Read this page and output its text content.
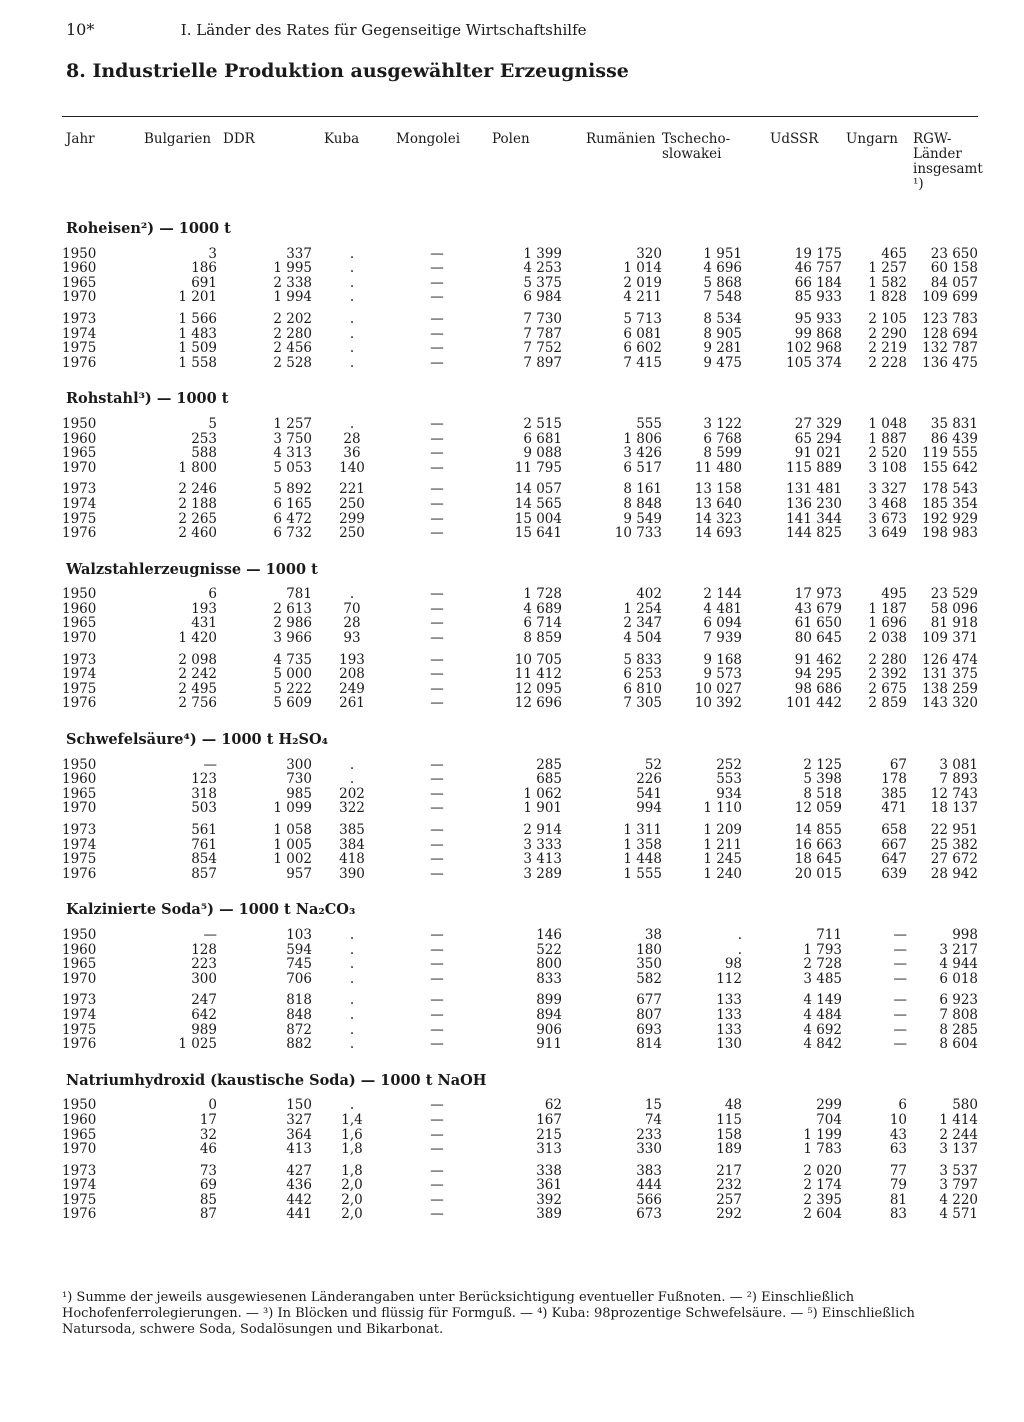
10*	I. Länder des Rates für Gegenseitige Wirtschaftshilfe
8. Industrielle Produktion ausgewählter Erzeugnisse
Jahr	Bulgarien	DDR	Kuba	Mongolei	Polen	Rumänien	Tschecho-slowakei	UdSSR	Ungarn	RGW-Länder insgesamt ¹)
Roheisen²) — 1000 t										
1950	3	337	.	—	1 399	320	1 951	19 175	465	23 650
1960	186	1 995	.	—	4 253	1 014	4 696	46 757	1 257	60 158
1965	691	2 338	.	—	5 375	2 019	5 868	66 184	1 582	84 057
1970	1 201	1 994	.	—	6 984	4 211	7 548	85 933	1 828	109 699
1973	1 566	2 202	.	—	7 730	5 713	8 534	95 933	2 105	123 783
1974	1 483	2 280	.	—	7 787	6 081	8 905	99 868	2 290	128 694
1975	1 509	2 456	.	—	7 752	6 602	9 281	102 968	2 219	132 787
1976	1 558	2 528	.	—	7 897	7 415	9 475	105 374	2 228	136 475
Rohstahl³) — 1000 t										
1950	5	1 257	.	—	2 515	555	3 122	27 329	1 048	35 831
1960	253	3 750	28	—	6 681	1 806	6 768	65 294	1 887	86 439
1965	588	4 313	36	—	9 088	3 426	8 599	91 021	2 520	119 555
1970	1 800	5 053	140	—	11 795	6 517	11 480	115 889	3 108	155 642
1973	2 246	5 892	221	—	14 057	8 161	13 158	131 481	3 327	178 543
1974	2 188	6 165	250	—	14 565	8 848	13 640	136 230	3 468	185 354
1975	2 265	6 472	299	—	15 004	9 549	14 323	141 344	3 673	192 929
1976	2 460	6 732	250	—	15 641	10 733	14 693	144 825	3 649	198 983
Walzstahlerzeugnisse — 1000 t										
1950	6	781	.	—	1 728	402	2 144	17 973	495	23 529
1960	193	2 613	70	—	4 689	1 254	4 481	43 679	1 187	58 096
1965	431	2 986	28	—	6 714	2 347	6 094	61 650	1 696	81 918
1970	1 420	3 966	93	—	8 859	4 504	7 939	80 645	2 038	109 371
1973	2 098	4 735	193	—	10 705	5 833	9 168	91 462	2 280	126 474
1974	2 242	5 000	208	—	11 412	6 253	9 573	94 295	2 392	131 375
1975	2 495	5 222	249	—	12 095	6 810	10 027	98 686	2 675	138 259
1976	2 756	5 609	261	—	12 696	7 305	10 392	101 442	2 859	143 320
Schwefelsäure⁴) — 1000 t H₂SO₄										
1950	—	300	.	—	285	52	252	2 125	67	3 081
1960	123	730	.	—	685	226	553	5 398	178	7 893
1965	318	985	202	—	1 062	541	934	8 518	385	12 743
1970	503	1 099	322	—	1 901	994	1 110	12 059	471	18 137
1973	561	1 058	385	—	2 914	1 311	1 209	14 855	658	22 951
1974	761	1 005	384	—	3 333	1 358	1 211	16 663	667	25 382
1975	854	1 002	418	—	3 413	1 448	1 245	18 645	647	27 672
1976	857	957	390	—	3 289	1 555	1 240	20 015	639	28 942
Kalzinierte Soda⁵) — 1000 t Na₂CO₃										
1950	—	103	.	—	146	38	.	711	—	998
1960	128	594	.	—	522	180	.	1 793	—	3 217
1965	223	745	.	—	800	350	98	2 728	—	4 944
1970	300	706	.	—	833	582	112	3 485	—	6 018
1973	247	818	.	—	899	677	133	4 149	—	6 923
1974	642	848	.	—	894	807	133	4 484	—	7 808
1975	989	872	.	—	906	693	133	4 692	—	8 285
1976	1 025	882	.	—	911	814	130	4 842	—	8 604
Natriumhydroxid (kaustische Soda) — 1000 t NaOH										
1950	0	150	.	—	62	15	48	299	6	580
1960	17	327	1,4	—	167	74	115	704	10	1 414
1965	32	364	1,6	—	215	233	158	1 199	43	2 244
1970	46	413	1,8	—	313	330	189	1 783	63	3 137
1973	73	427	1,8	—	338	383	217	2 020	77	3 537
1974	69	436	2,0	—	361	444	232	2 174	79	3 797
1975	85	442	2,0	—	392	566	257	2 395	81	4 220
1976	87	441	2,0	—	389	673	292	2 604	83	4 571
¹) Summe der jeweils ausgewiesenen Länderangaben unter Berücksichtigung eventueller Fußnoten. — ²) Einschließlich Hochofenferrolegierungen. — ³) In Blöcken und flüssig für Formguß. — ⁴) Kuba: 98prozentige Schwefelsäure. — ⁵) Einschließlich Natursoda, schwere Soda, Sodalösungen und Bikarbonat.
